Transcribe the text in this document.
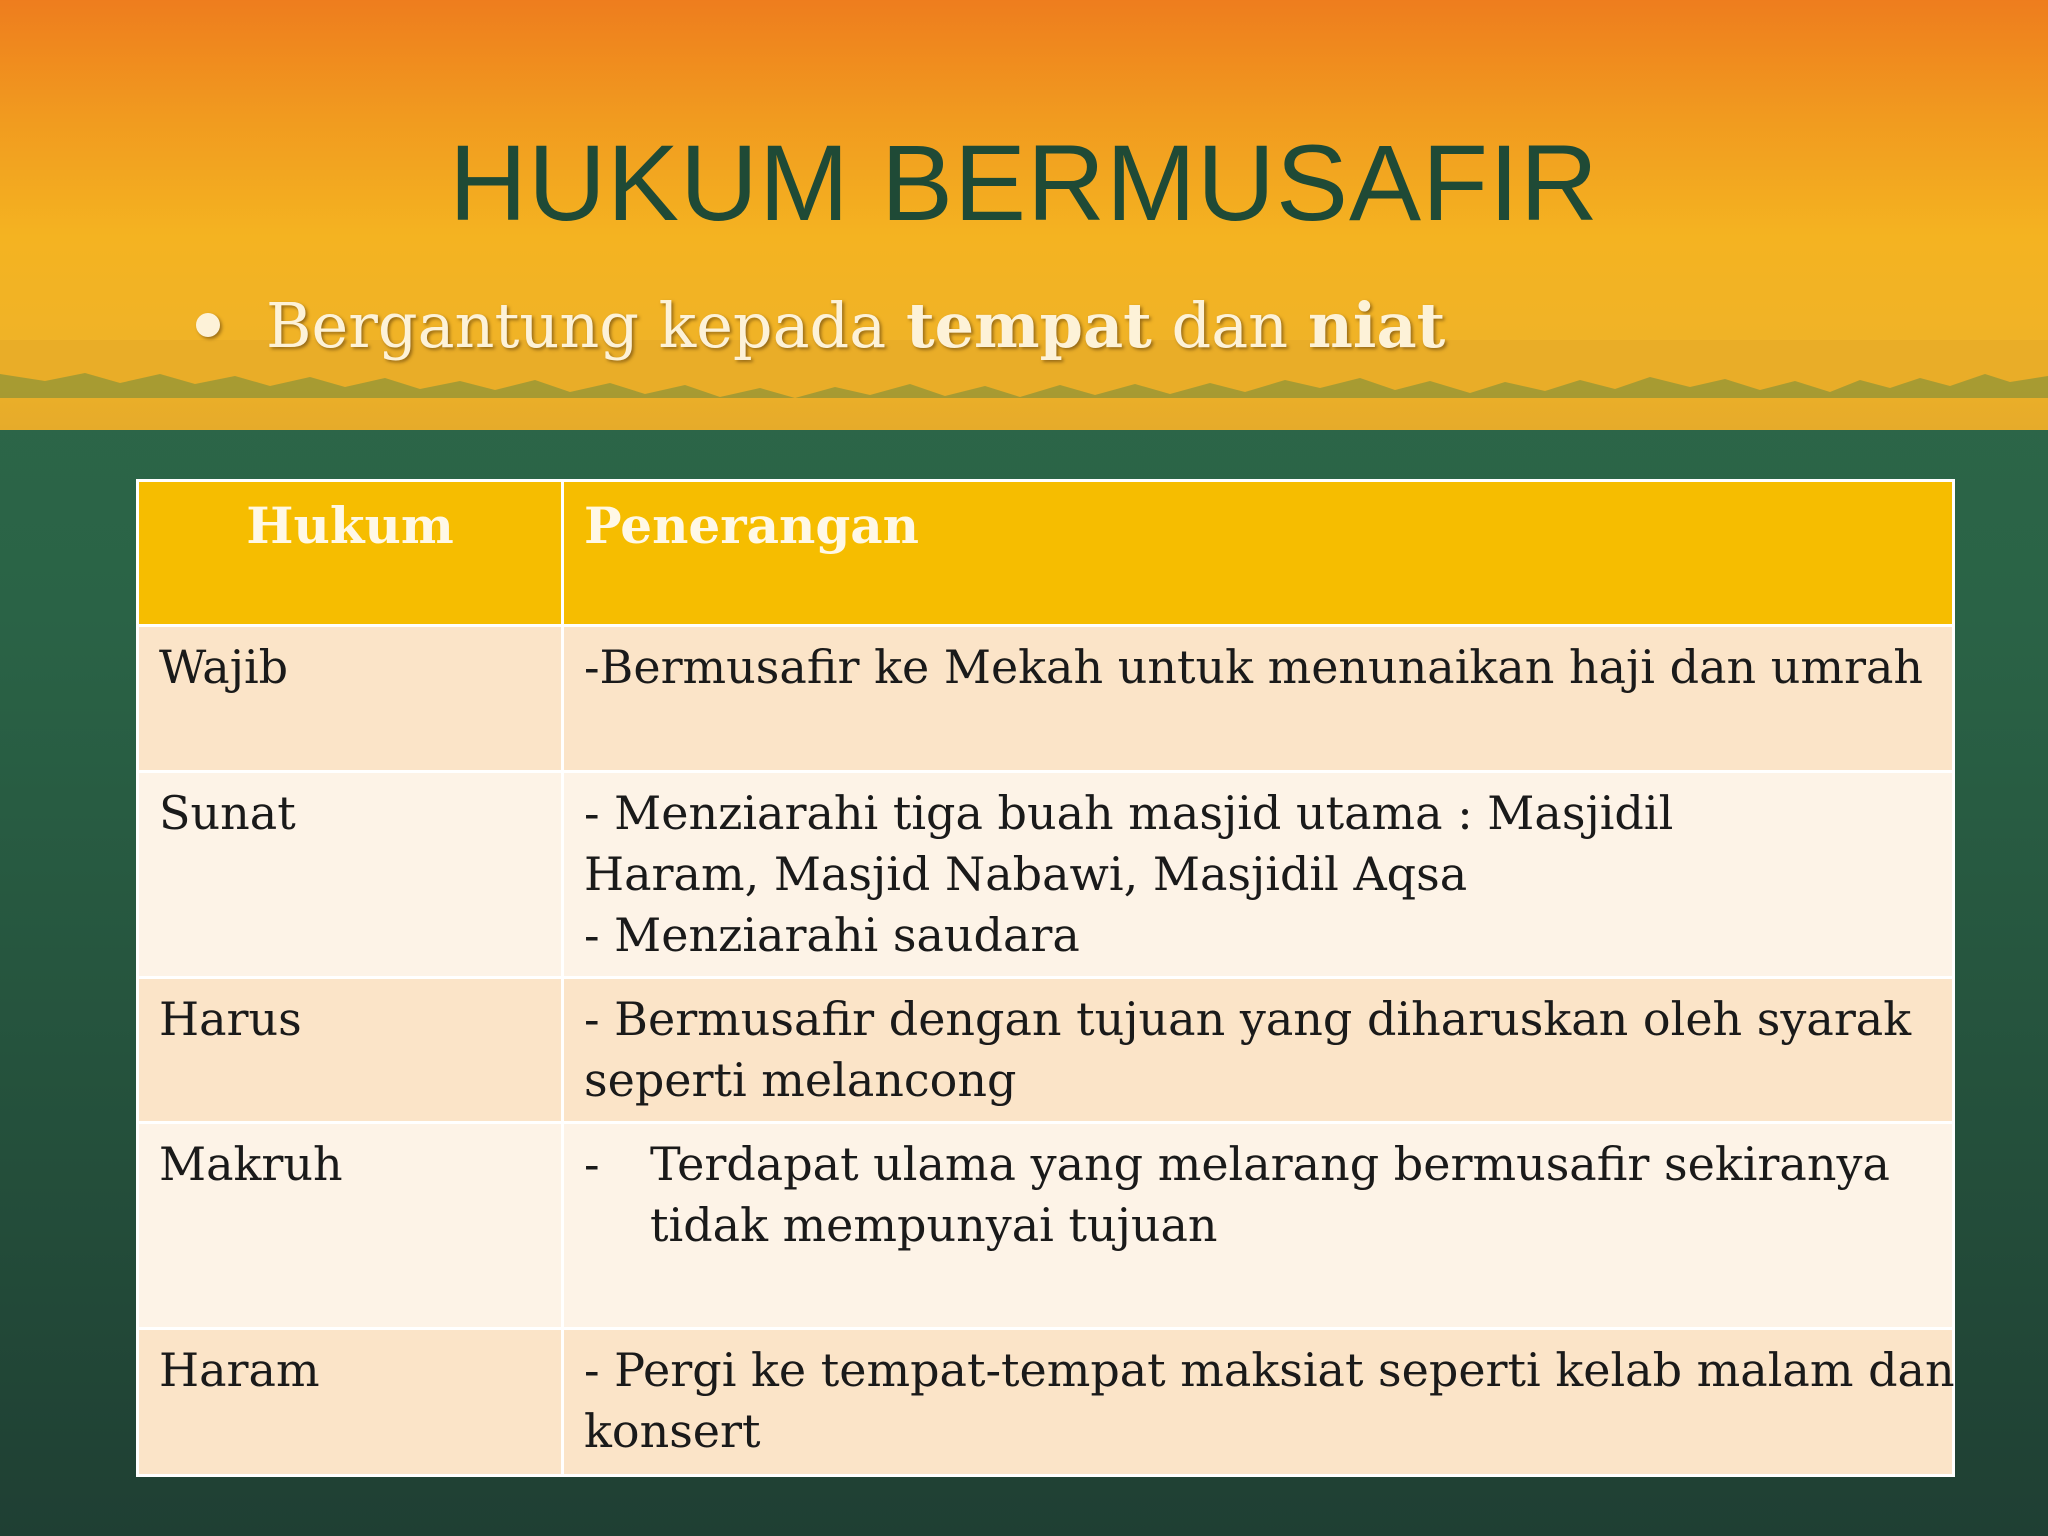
HUKUM BERMUSAFIR
Bergantung kepada tempat dan niat
Hukum	Penerangan
Wajib	-Bermusafir ke Mekah untuk menunaikan haji dan umrah

Sunat	- Menziarahi tiga buah masjid utama : Masjidil
Haram, Masjid Nabawi, Masjidil Aqsa
- Menziarahi saudara

Harus	- Bermusafir dengan tujuan yang diharuskan oleh syarak
seperti melancong

Makruh	- Terdapat ulama yang melarang bermusafir sekiranya
tidak mempunyai tujuan

Haram	- Pergi ke tempat-tempat maksiat seperti kelab malam dan
konsert
